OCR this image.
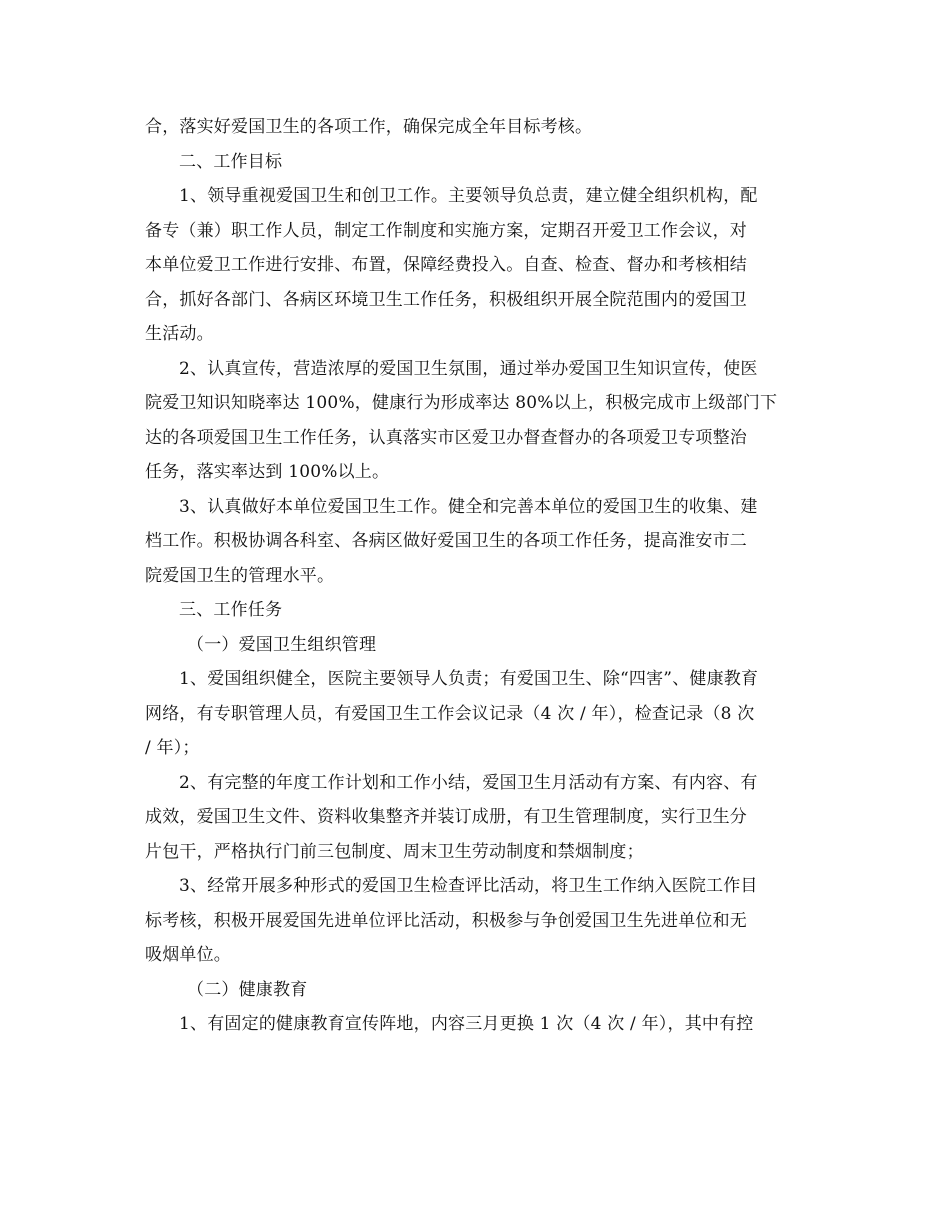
合，落实好爱国卫生的各项工作，确保完成全年目标考核。

二、工作目标

1、领导重视爱国卫生和创卫工作。主要领导负总责，建立健全组织机构，配

备专（兼）职工作人员，制定工作制度和实施方案，定期召开爱卫工作会议，对

本单位爱卫工作进行安排、布置，保障经费投入。自查、检查、督办和考核相结

合，抓好各部门、各病区环境卫生工作任务，积极组织开展全院范围内的爱国卫

生活动。

2、认真宣传，营造浓厚的爱国卫生氛围，通过举办爱国卫生知识宣传，使医

院爱卫知识知晓率达 100%，健康行为形成率达 80%以上，积极完成市上级部门下

达的各项爱国卫生工作任务，认真落实市区爱卫办督查督办的各项爱卫专项整治

任务，落实率达到 100%以上。

3、认真做好本单位爱国卫生工作。健全和完善本单位的爱国卫生的收集、建

档工作。积极协调各科室、各病区做好爱国卫生的各项工作任务，提高淮安市二

院爱国卫生的管理水平。

三、工作任务

（一）爱国卫生组织管理

1、爱国组织健全，医院主要领导人负责；有爱国卫生、除“四害”、健康教育

网络，有专职管理人员，有爱国卫生工作会议记录（4 次 / 年），检查记录（8 次

/ 年）；

2、有完整的年度工作计划和工作小结，爱国卫生月活动有方案、有内容、有

成效，爱国卫生文件、资料收集整齐并装订成册，有卫生管理制度，实行卫生分

片包干，严格执行门前三包制度、周末卫生劳动制度和禁烟制度；

3、经常开展多种形式的爱国卫生检查评比活动，将卫生工作纳入医院工作目

标考核，积极开展爱国先进单位评比活动，积极参与争创爱国卫生先进单位和无

吸烟单位。

（二）健康教育

1、有固定的健康教育宣传阵地，内容三月更换 1 次（4 次 / 年），其中有控
